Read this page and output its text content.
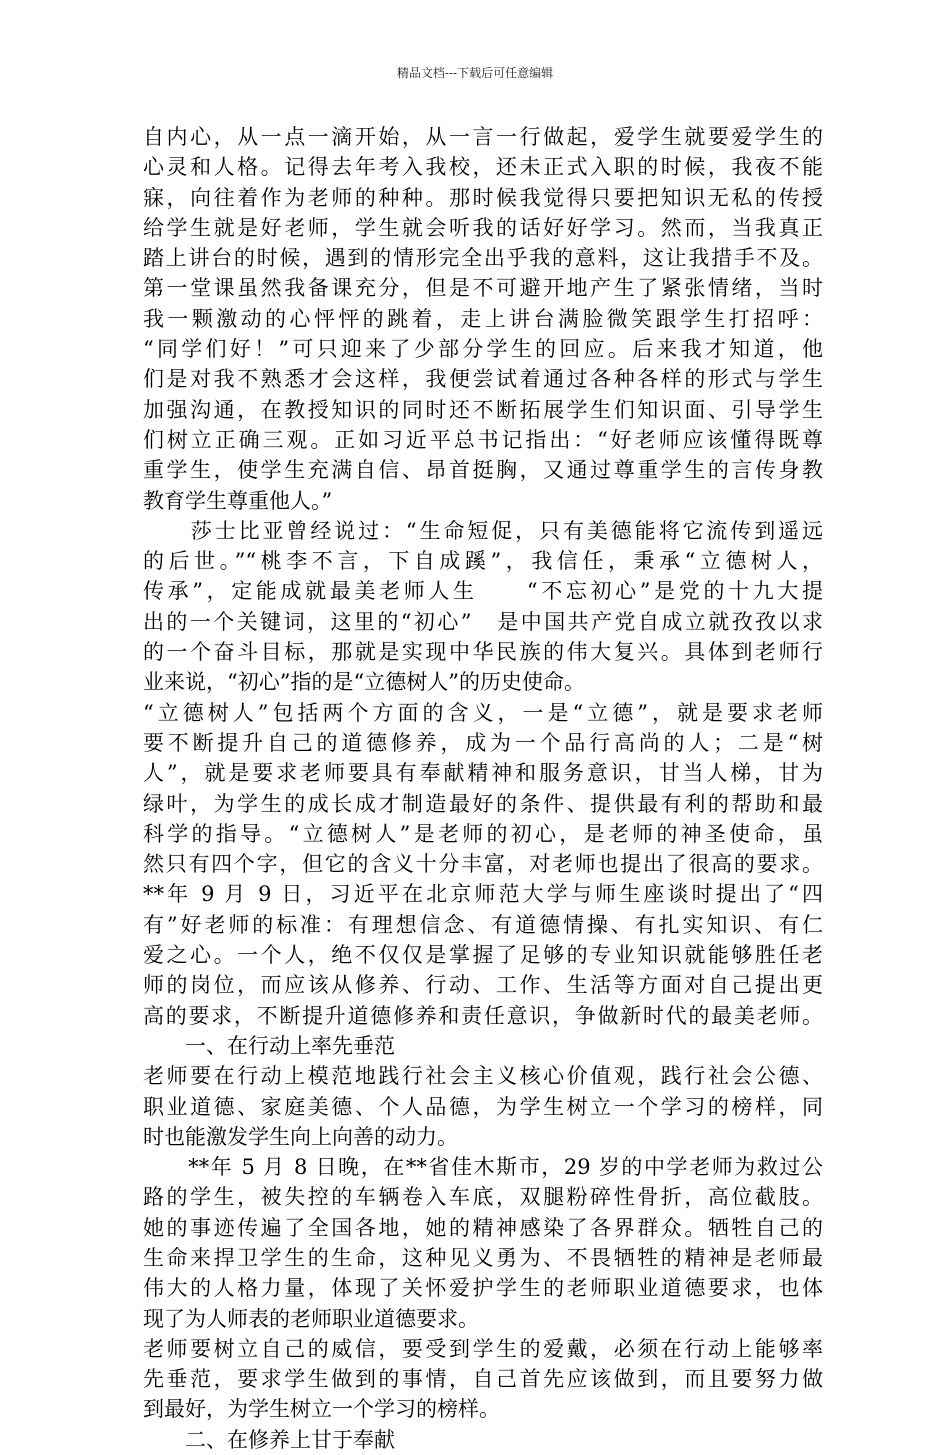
精品文档---下载后可任意编辑
自内心，从一点一滴开始，从一言一行做起，爱学生就要爱学生的
心灵和人格。记得去年考入我校，还未正式入职的时候，我夜不能
寐，向往着作为老师的种种。那时候我觉得只要把知识无私的传授
给学生就是好老师，学生就会听我的话好好学习。然而，当我真正
踏上讲台的时候，遇到的情形完全出乎我的意料，这让我措手不及。
第一堂课虽然我备课充分，但是不可避开地产生了紧张情绪，当时
我一颗激动的心怦怦的跳着，走上讲台满脸微笑跟学生打招呼：
“同学们好！”可只迎来了少部分学生的回应。后来我才知道，他
们是对我不熟悉才会这样，我便尝试着通过各种各样的形式与学生
加强沟通，在教授知识的同时还不断拓展学生们知识面、引导学生
们树立正确三观。正如习近平总书记指出：“好老师应该懂得既尊
重学生，使学生充满自信、昂首挺胸，又通过尊重学生的言传身教
教育学生尊重他人。”
　　莎士比亚曾经说过：“生命短促，只有美德能将它流传到遥远
的后世。”“桃李不言，下自成蹊”，我信任，秉承“立德树人，
传承”，定能成就最美老师人生　　“不忘初心”是党的十九大提
出的一个关键词，这里的“初心”　是中国共产党自成立就孜孜以求
的一个奋斗目标，那就是实现中华民族的伟大复兴。具体到老师行
业来说，“初心”指的是“立德树人”的历史使命。
“立德树人”包括两个方面的含义，一是“立德”，就是要求老师
要不断提升自己的道德修养，成为一个品行高尚的人；二是“树
人”，就是要求老师要具有奉献精神和服务意识，甘当人梯，甘为
绿叶，为学生的成长成才制造最好的条件、提供最有利的帮助和最
科学的指导。“立德树人”是老师的初心，是老师的神圣使命，虽
然只有四个字，但它的含义十分丰富，对老师也提出了很高的要求。
**年 9 月 9 日，习近平在北京师范大学与师生座谈时提出了“四
有”好老师的标准：有理想信念、有道德情操、有扎实知识、有仁
爱之心。一个人，绝不仅仅是掌握了足够的专业知识就能够胜任老
师的岗位，而应该从修养、行动、工作、生活等方面对自己提出更
高的要求，不断提升道德修养和责任意识，争做新时代的最美老师。
　　一、在行动上率先垂范
老师要在行动上模范地践行社会主义核心价值观，践行社会公德、
职业道德、家庭美德、个人品德，为学生树立一个学习的榜样，同
时也能激发学生向上向善的动力。
　　**年 5 月 8 日晚，在**省佳木斯市，29 岁的中学老师为救过公
路的学生，被失控的车辆卷入车底，双腿粉碎性骨折，高位截肢。
她的事迹传遍了全国各地，她的精神感染了各界群众。牺牲自己的
生命来捍卫学生的生命，这种见义勇为、不畏牺牲的精神是老师最
伟大的人格力量，体现了关怀爱护学生的老师职业道德要求，也体
现了为人师表的老师职业道德要求。
老师要树立自己的威信，要受到学生的爱戴，必须在行动上能够率
先垂范，要求学生做到的事情，自己首先应该做到，而且要努力做
到最好，为学生树立一个学习的榜样。
　　二、在修养上甘于奉献
